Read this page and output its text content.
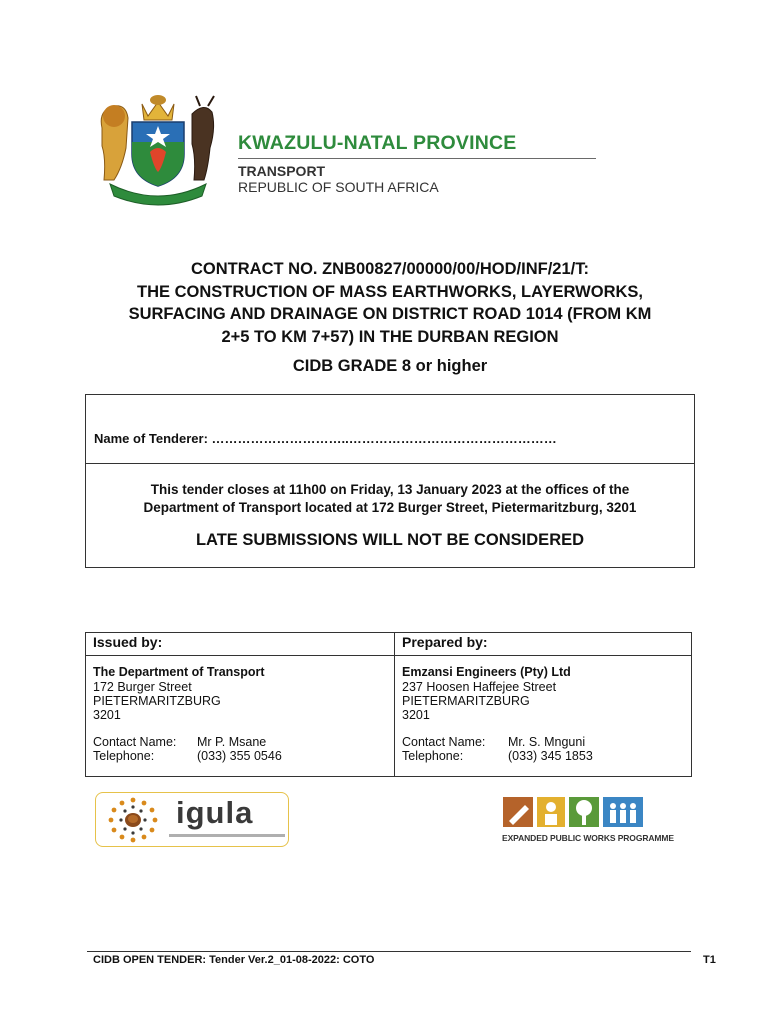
KWAZULU-NATAL PROVINCE
TRANSPORT
REPUBLIC OF SOUTH AFRICA
CONTRACT NO. ZNB00827/00000/00/HOD/INF/21/T:
THE CONSTRUCTION OF MASS EARTHWORKS, LAYERWORKS,
SURFACING AND DRAINAGE ON DISTRICT ROAD 1014 (FROM KM
2+5 TO KM 7+57) IN THE DURBAN REGION
CIDB GRADE 8 or higher
Name of Tenderer: …………………………..…………………………………………
This tender closes at 11h00 on Friday, 13 January 2023 at the offices of the
Department of Transport located at 172 Burger Street, Pietermaritzburg, 3201
LATE SUBMISSIONS WILL NOT BE CONSIDERED
Issued by:
The Department of Transport
172 Burger Street
PIETERMARITZBURG
3201
Contact Name: Mr P. Msane
Telephone:	(033) 355 0546
Prepared by:
Emzansi Engineers (Pty) Ltd
237 Hoosen Haffejee Street
PIETERMARITZBURG
3201
Contact Name: Mr. S. Mnguni
Telephone:	(033) 345 1853
igula
EXPANDED PUBLIC WORKS PROGRAMME
CIDB OPEN TENDER: Tender Ver.2_01-08-2022: COTO	T1
